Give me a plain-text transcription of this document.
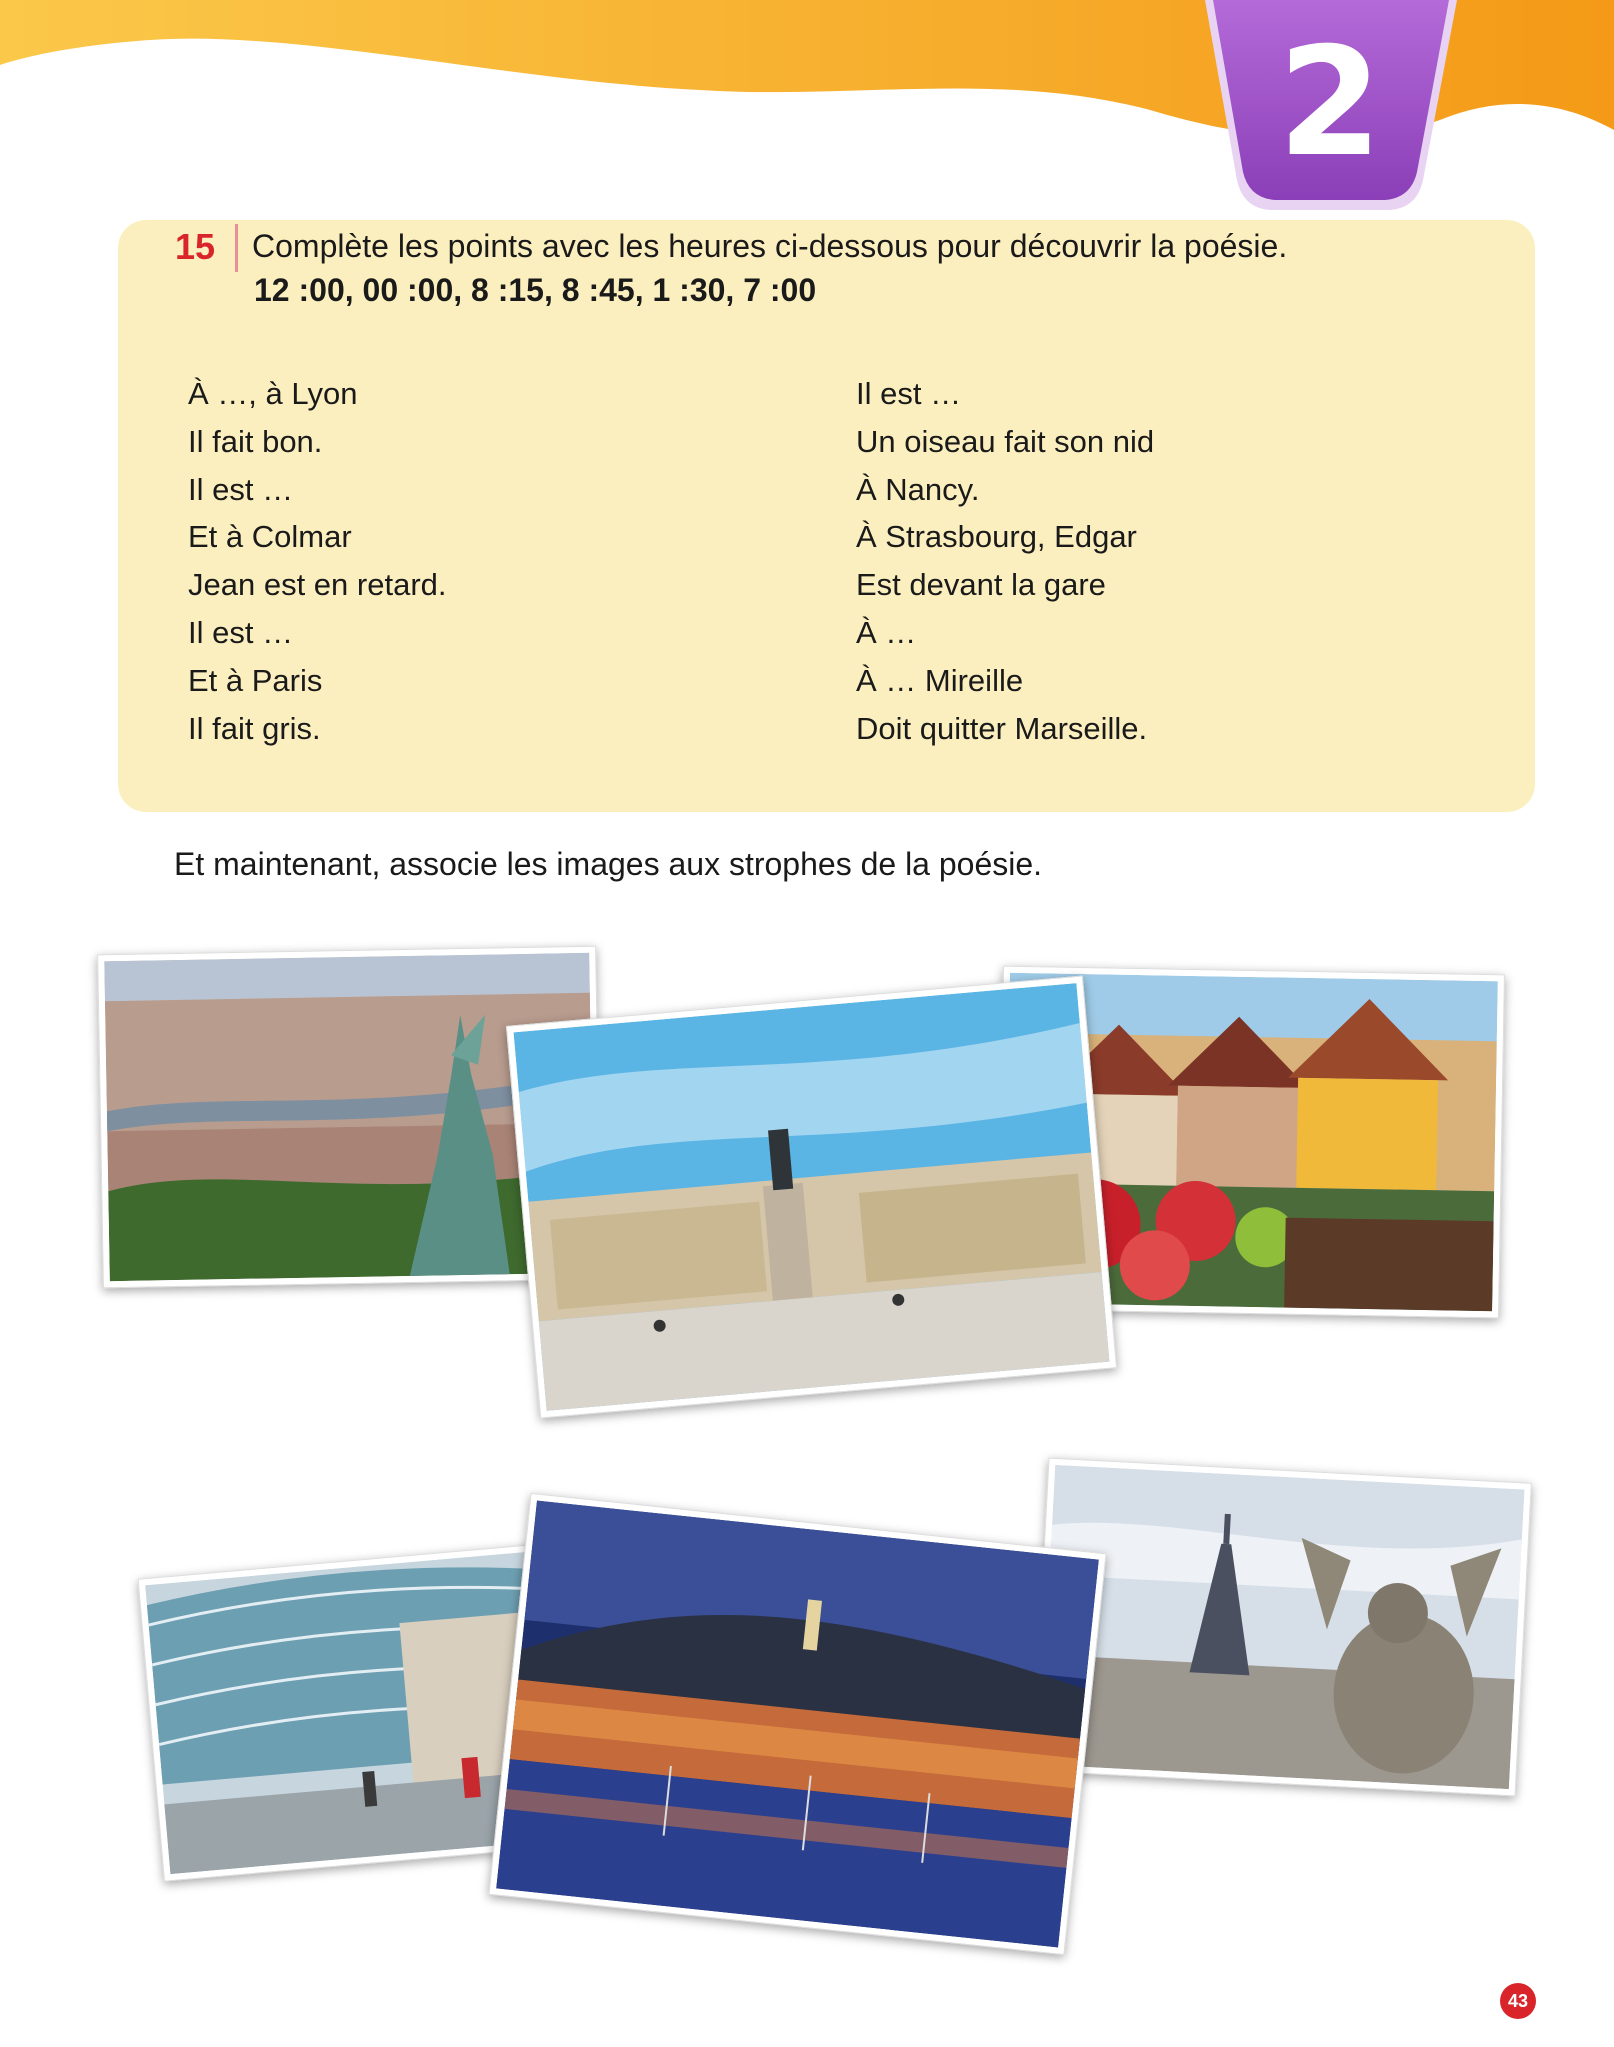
2
15 Complète les points avec les heures ci-dessous pour découvrir la poésie.
12 :00, 00 :00, 8 :15, 8 :45, 1 :30, 7 :00
À …, à Lyon
Il fait bon.
Il est …
Et à Colmar
Jean est en retard.
Il est …
Et à Paris
Il fait gris.
Il est …
Un oiseau fait son nid
À Nancy.
À Strasbourg, Edgar
Est devant la gare
À …
À … Mireille
Doit quitter Marseille.
Et maintenant, associe les images aux strophes de la poésie.
43
